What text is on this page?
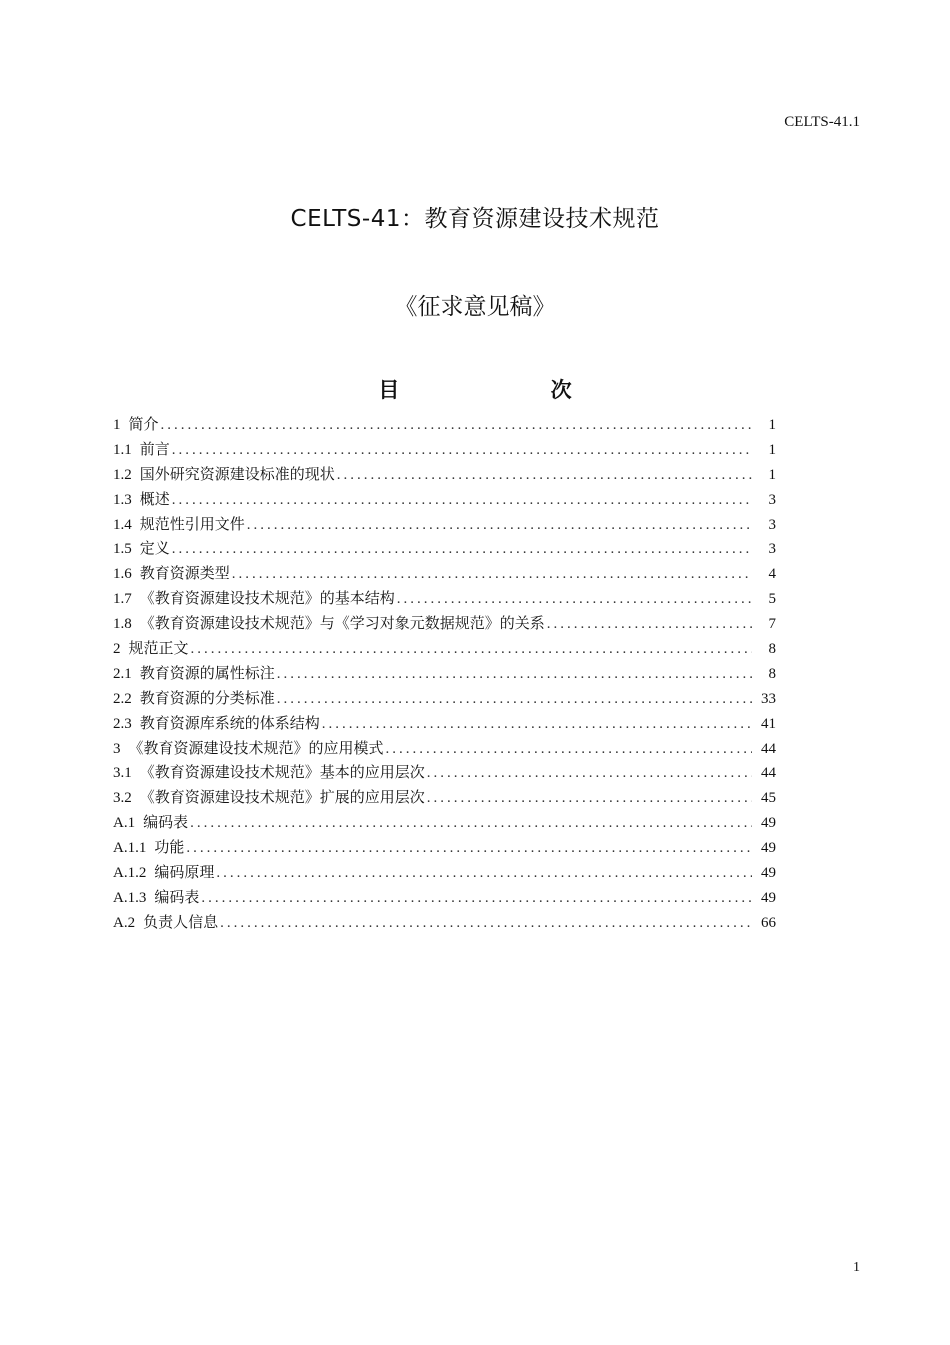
CELTS-41.1
CELTS-41：教育资源建设技术规范
《征求意见稿》
目 次
1 简介 .....	1
1.1 前言 .....	1
1.2 国外研究资源建设标准的现状 .....	1
1.3 概述 .....	3
1.4 规范性引用文件 .....	3
1.5 定义 .....	3
1.6 教育资源类型 .....	4
1.7 《教育资源建设技术规范》的基本结构 .....	5
1.8 《教育资源建设技术规范》与《学习对象元数据规范》的关系 .....	7
2 规范正文 .....	8
2.1 教育资源的属性标注 .....	8
2.2 教育资源的分类标准 .....	33
2.3 教育资源库系统的体系结构 .....	41
3 《教育资源建设技术规范》的应用模式 .....	44
3.1 《教育资源建设技术规范》基本的应用层次 .....	44
3.2 《教育资源建设技术规范》扩展的应用层次 .....	45
A.1 编码表 .....	49
A.1.1 功能 .....	49
A.1.2 编码原理 .....	49
A.1.3 编码表 .....	49
A.2 负责人信息 .....	66
1
